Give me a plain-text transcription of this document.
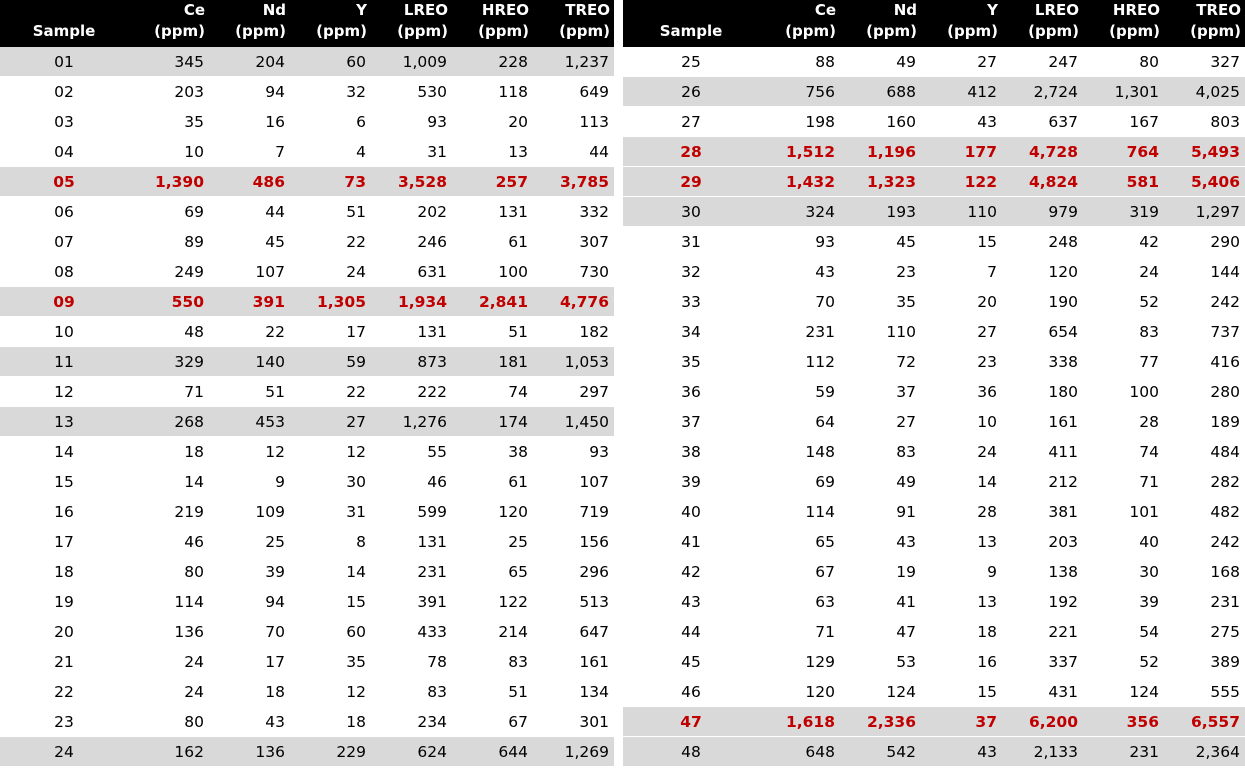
	Ce	Nd	Y	LREO	HREO	TREO
Sample	(ppm)	(ppm)	(ppm)	(ppm)	(ppm)	(ppm)
01	345	204	60	1,009	228	1,237
02	203	94	32	530	118	649
03	35	16	6	93	20	113
04	10	7	4	31	13	44
05	1,390	486	73	3,528	257	3,785
06	69	44	51	202	131	332
07	89	45	22	246	61	307
08	249	107	24	631	100	730
09	550	391	1,305	1,934	2,841	4,776
10	48	22	17	131	51	182
11	329	140	59	873	181	1,053
12	71	51	22	222	74	297
13	268	453	27	1,276	174	1,450
14	18	12	12	55	38	93
15	14	9	30	46	61	107
16	219	109	31	599	120	719
17	46	25	8	131	25	156
18	80	39	14	231	65	296
19	114	94	15	391	122	513
20	136	70	60	433	214	647
21	24	17	35	78	83	161
22	24	18	12	83	51	134
23	80	43	18	234	67	301
24	162	136	229	624	644	1,269
	Ce	Nd	Y	LREO	HREO	TREO
Sample	(ppm)	(ppm)	(ppm)	(ppm)	(ppm)	(ppm)
25	88	49	27	247	80	327
26	756	688	412	2,724	1,301	4,025
27	198	160	43	637	167	803
28	1,512	1,196	177	4,728	764	5,493
29	1,432	1,323	122	4,824	581	5,406
30	324	193	110	979	319	1,297
31	93	45	15	248	42	290
32	43	23	7	120	24	144
33	70	35	20	190	52	242
34	231	110	27	654	83	737
35	112	72	23	338	77	416
36	59	37	36	180	100	280
37	64	27	10	161	28	189
38	148	83	24	411	74	484
39	69	49	14	212	71	282
40	114	91	28	381	101	482
41	65	43	13	203	40	242
42	67	19	9	138	30	168
43	63	41	13	192	39	231
44	71	47	18	221	54	275
45	129	53	16	337	52	389
46	120	124	15	431	124	555
47	1,618	2,336	37	6,200	356	6,557
48	648	542	43	2,133	231	2,364
